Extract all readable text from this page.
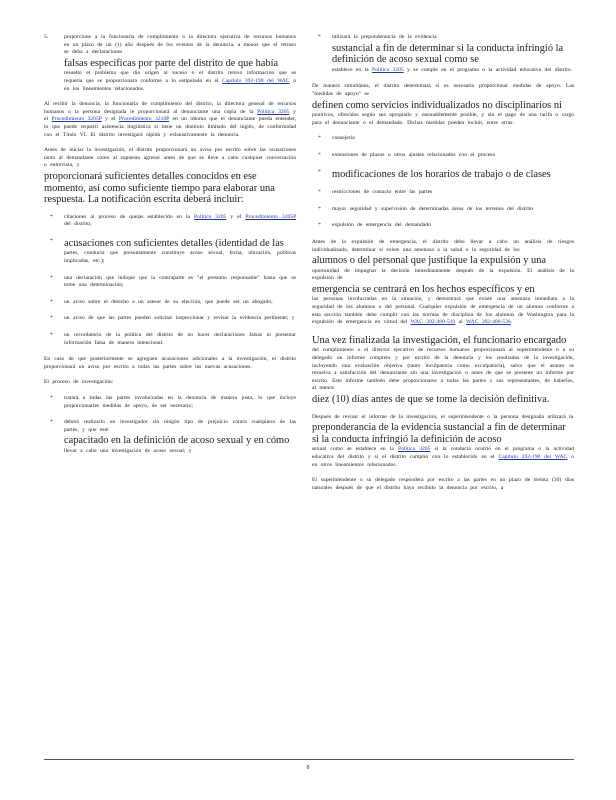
5.	proporcione a la funcionaria de cumplimiento o la directora ejecutiva de recursos humanos en un plazo de un (1) año después de los eventos de la denuncia, a menos que el retraso se deba a declaraciones
falsas específicas por parte del distrito de que había
resuelto el problema que dio origen al suceso o el distrito retuvo información que se requería que se proporcionara conforme a lo estipulado en el Capítulo 392-190 del WAC o en los lineamientos relacionados.

Al recibir la denuncia, la funcionaria de cumplimiento del distrito, la directora general de recursos humanos o la persona designada le proporcionará al denunciante una copia de la Política 3205 y el Procedimiento 3205P y el Procedimiento 3210P en un idioma que el denunciante pueda entender, lo que puede requerir asistencia lingüística si tiene un dominio limitado del inglés, de conformidad con el Título VI. El distrito investigará rápida y exhaustivamente la denuncia.

Antes de iniciar la investigación, el distrito proporcionará un aviso por escrito sobre las acusaciones tanto al demandante como al supuesto agresor antes de que se lleve a cabo cualquier conversación o entrevista, y
proporcionará suficientes detalles conocidos en ese momento, así como suficiente tiempo para elaborar una respuesta. La notificación escrita deberá incluir:

* citaciones al proceso de quejas establecido en la Política 3205 y el Procedimiento 3205P del distrito;
* acusaciones con suficientes detalles (identidad de las
partes, conducta que presuntamente constituye acoso sexual, fecha, ubicación, políticas implicadas, etc.);
* una declaración que indique que la contraparte es "el presunto responsable" hasta que se tome una determinación;
* un aviso sobre el derecho a un asesor de su elección, que puede ser un abogado;
* un aviso de que las partes pueden solicitar inspeccionar y revisar la evidencia pertinente; y
* un recordatorio de la política del distrito de no hacer declaraciones falsas ni presentar información falsa de manera intencional.

En caso de que posteriormente se agreguen acusaciones adicionales a la investigación, el distrito proporcionará un aviso por escrito a todas las partes sobre las nuevas acusaciones.

El proceso de investigación:

* tratará a todas las partes involucradas en la denuncia de manera justa, lo que incluye proporcionarles medidas de apoyo, de ser necesario;
* deberá realizarlo un investigador sin ningún tipo de prejuicio contra cualquiera de las partes, y que esté
capacitado en la definición de acoso sexual y en cómo
llevar a cabo una investigación de acoso sexual; y
* utilizará la preponderancia de la evidencia
sustancial a fin de determinar si la conducta infringió la definición de acoso sexual como se
establece en la Política 3205 y se cumple en el programa o la actividad educativa del distrito.

De manera simultánea, el distrito determinará si es necesario proporcionar medidas de apoyo. Las "medidas de apoyo" se
definen como servicios individualizados no disciplinarios ni
punitivos, ofrecidos según sea apropiado y razonablemente posible, y sin el pago de una tarifa o cargo para el denunciante o el demandado. Dichas medidas pueden incluir, entre otras:

* consejería
* extensiones de plazos u otros ajustes relacionados con el proceso
* modificaciones de los horarios de trabajo o de clases
* restricciones de contacto entre las partes
* mayor seguridad y supervisión de determinadas áreas de los terrenos del distrito
* expulsión de emergencia del demandado

Antes de la expulsión de emergencia, el distrito debe llevar a cabo un análisis de riesgos individualizado, determinar si existe una amenaza a la salud o la seguridad de los
alumnos o del personal que justifique la expulsión y una
oportunidad de impugnar la decisión inmediatamente después de la expulsión. El análisis de la expulsión de
emergencia se centrará en los hechos específicos y en
las personas involucradas en la situación, y demostrará que existe una amenaza inmediata a la seguridad de los alumnos o del personal. Cualquier expulsión de emergencia de un alumno conforme a esta sección también debe cumplir con las normas de disciplina de los alumnos de Washington para la expulsión de emergencia en virtud del WAC 392-400-510 al WAC 392-400-530.

Una vez finalizada la investigación, el funcionario encargado
del cumplimiento o el director ejecutivo de recursos humanos proporcionará al superintendente o a su delegado un informe completo y por escrito de la denuncia y los resultados de la investigación, incluyendo una evaluación objetiva (tanto inculpatoria como exculpatoria), salvo que el asunto se resuelva a satisfacción del denunciante sin una investigación o antes de que se presente un informe por escrito. Este informe también debe proporcionarse a todas las partes y sus representantes, de haberlos, al menos
diez (10) días antes de que se tome la decisión definitiva.

Después de revisar el informe de la investigación, el superintendente o la persona designada utilizará la
preponderancia de la evidencia sustancial a fin de determinar si la conducta infringió la definición de acoso
sexual como se establece en la Política 3205 si la conducta ocurrió en el programa o la actividad educativa del distrito y si el distrito cumplió con lo establecido en el Capítulo 392-190 del WAC o en otros lineamientos relacionados.

El superintendente o su delegado responderá por escrito a las partes en un plazo de treinta (30) días naturales después de que el distrito haya recibido la denuncia por escrito, a

8
